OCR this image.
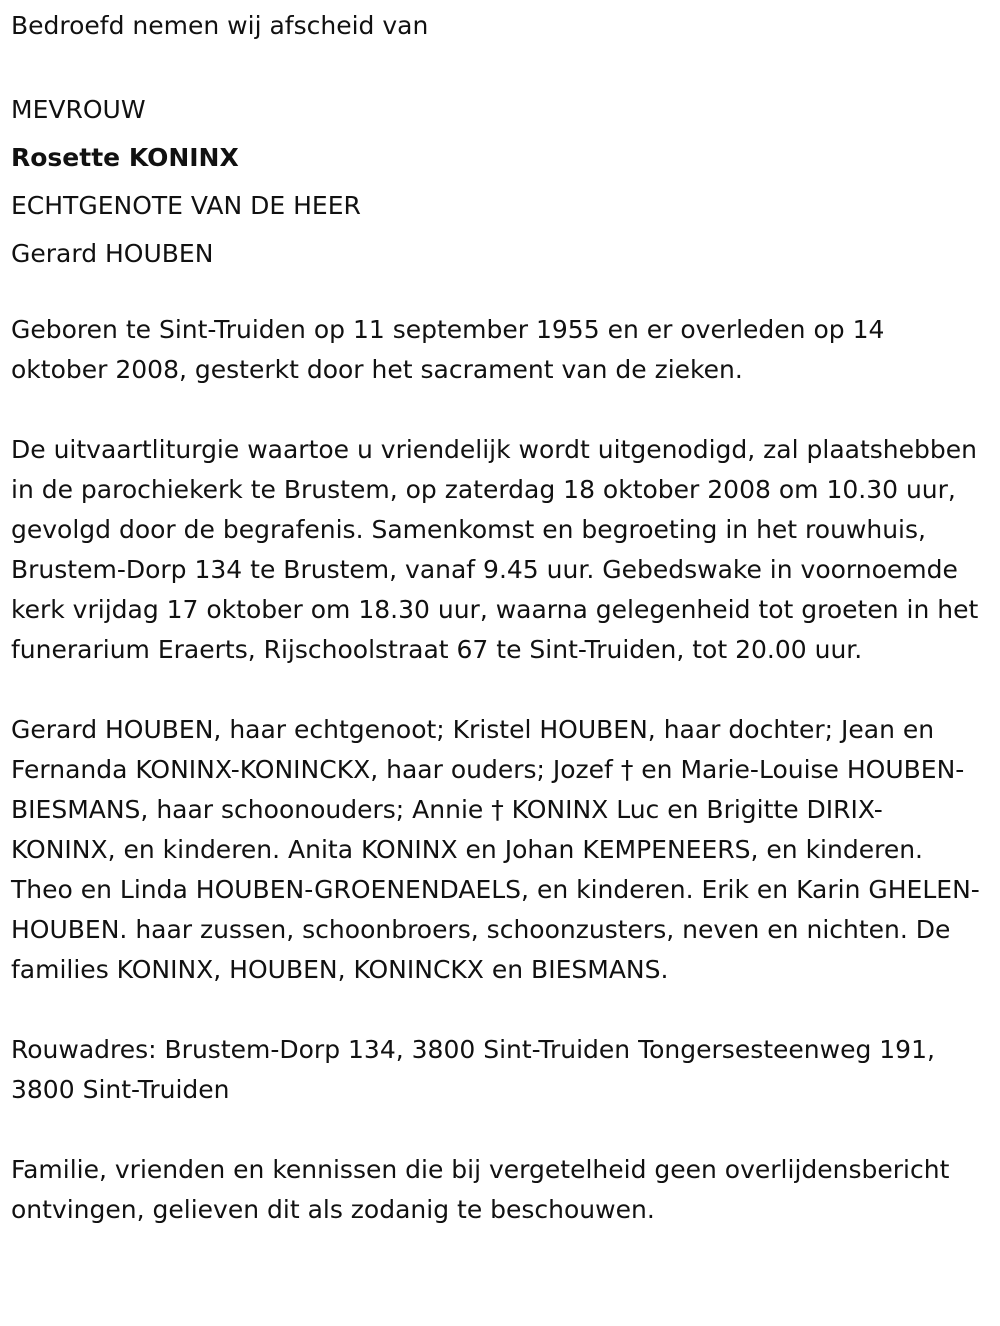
Bedroefd nemen wij afscheid van

MEVROUW

Rosette KONINX

ECHTGENOTE VAN DE HEER

Gerard HOUBEN

Geboren te Sint-Truiden op 11 september 1955 en er overleden op 14 oktober 2008, gesterkt door het sacrament van de zieken.

De uitvaartliturgie waartoe u vriendelijk wordt uitgenodigd, zal plaatshebben in de parochiekerk te Brustem, op zaterdag 18 oktober 2008 om 10.30 uur, gevolgd door de begrafenis. Samenkomst en begroeting in het rouwhuis, Brustem-Dorp 134 te Brustem, vanaf 9.45 uur. Gebedswake in voornoemde kerk vrijdag 17 oktober om 18.30 uur, waarna gelegenheid tot groeten in het funerarium Eraerts, Rijschoolstraat 67 te Sint-Truiden, tot 20.00 uur.

Gerard HOUBEN, haar echtgenoot; Kristel HOUBEN, haar dochter; Jean en Fernanda KONINX-KONINCKX, haar ouders; Jozef † en Marie-Louise HOUBEN-BIESMANS, haar schoonouders; Annie † KONINX Luc en Brigitte DIRIX-KONINX, en kinderen. Anita KONINX en Johan KEMPENEERS, en kinderen. Theo en Linda HOUBEN-GROENENDAELS, en kinderen. Erik en Karin GHELEN-HOUBEN. haar zussen, schoonbroers, schoonzusters, neven en nichten. De families KONINX, HOUBEN, KONINCKX en BIESMANS.

Rouwadres: Brustem-Dorp 134, 3800 Sint-Truiden Tongersesteenweg 191, 3800 Sint-Truiden

Familie, vrienden en kennissen die bij vergetelheid geen overlijdensbericht ontvingen, gelieven dit als zodanig te beschouwen.
